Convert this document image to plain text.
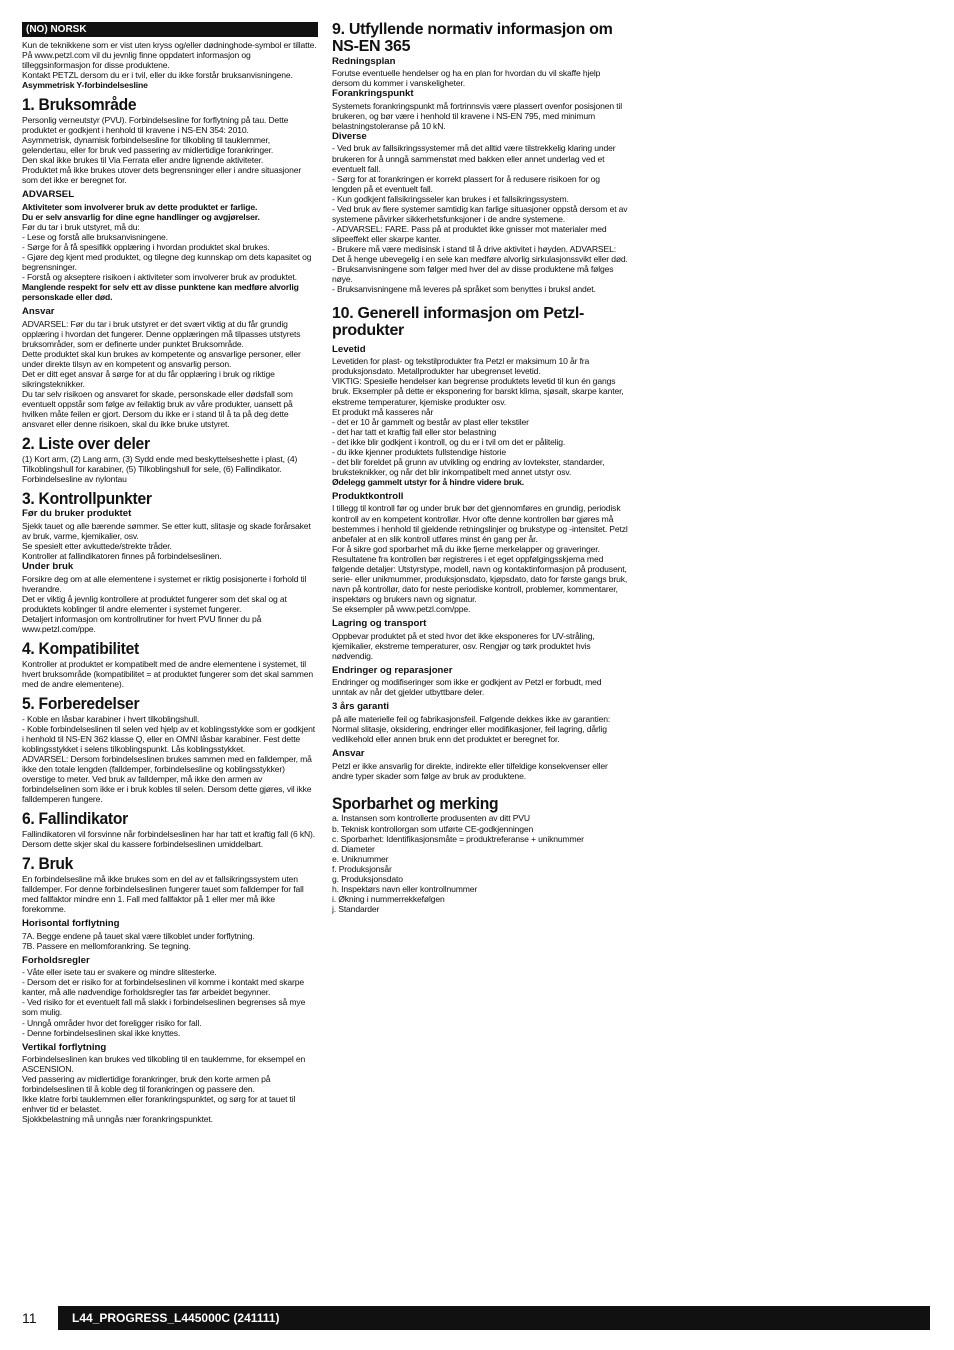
(NO) NORSK

Kun de teknikkene som er vist uten kryss og/eller dødninghode-symbol er tillatte.

På www.petzl.com vil du jevnlig finne oppdatert informasjon og tilleggsinformasjon for disse produktene.

Kontakt PETZL dersom du er i tvil, eller du ikke forstår bruksanvisningene.

Asymmetrisk Y-forbindelsesline

1. Bruksområde

Personlig verneutstyr (PVU). Forbindelsesline for forflytning på tau. Dette produktet er godkjent i henhold til kravene i NS-EN 354: 2010.
Asymmetrisk, dynamisk forbindelsesline for tilkobling til tauklemmer, gelendertau, eller for bruk ved passering av midlertidige forankringer.
Den skal ikke brukes til Via Ferrata eller andre lignende aktiviteter.
Produktet må ikke brukes utover dets begrensninger eller i andre situasjoner som det ikke er beregnet for.

ADVARSEL

Aktiviteter som involverer bruk av dette produktet er farlige.
Du er selv ansvarlig for dine egne handlinger og avgjørelser.

Før du tar i bruk utstyret, må du:
- Lese og forstå alle bruksanvisningene.
- Sørge for å få spesifikk opplæring i hvordan produktet skal brukes.
- Gjøre deg kjent med produktet, og tilegne deg kunnskap om dets kapasitet og begrensninger.
- Forstå og akseptere risikoen i aktiviteter som involverer bruk av produktet.

Manglende respekt for selv ett av disse punktene kan medføre alvorlig personskade eller død.

Ansvar

ADVARSEL: Før du tar i bruk utstyret er det svært viktig at du får grundig opplæring i hvordan det fungerer. Denne opplæringen må tilpasses utstyrets bruksområder, som er definerte under punktet Bruksområde.
Dette produktet skal kun brukes av kompetente og ansvarlige personer, eller under direkte tilsyn av en kompetent og ansvarlig person.
Det er ditt eget ansvar å sørge for at du får opplæring i bruk og riktige sikringsteknikker.
Du tar selv risikoen og ansvaret for skade, personskade eller dødsfall som eventuelt oppstår som følge av feilaktig bruk av våre produkter, uansett på hvilken måte feilen er gjort. Dersom du ikke er i stand til å ta på deg dette ansvaret eller denne risikoen, skal du ikke bruke utstyret.

2. Liste over deler

(1) Kort arm, (2) Lang arm, (3) Sydd ende med beskyttelseshette i plast, (4) Tilkoblingshull for karabiner, (5) Tilkoblingshull for sele, (6) Fallindikator. Forbindelsesline av nylontau

3. Kontrollpunkter
Før du bruker produktet

Sjekk tauet og alle bærende sømmer. Se etter kutt, slitasje og skade forårsaket av bruk, varme, kjemikalier, osv.
Se spesielt etter avkuttede/strekte tråder.
Kontroller at fallindikatoren finnes på forbindelseslinen.

Under bruk

Forsikre deg om at alle elementene i systemet er riktig posisjonerte i forhold til hverandre.
Det er viktig å jevnlig kontrollere at produktet fungerer som det skal og at produktets koblinger til andre elementer i systemet fungerer.
Detaljert informasjon om kontrollrutiner for hvert PVU finner du på www.petzl.com/ppe.

4. Kompatibilitet

Kontroller at produktet er kompatibelt med de andre elementene i systemet, til hvert bruksområde (kompatibilitet = at produktet fungerer som det skal sammen med de andre elementene).

5. Forberedelser

- Koble en låsbar karabiner i hvert tilkoblingshull.
- Koble forbindelseslinen til selen ved hjelp av et koblingsstykke som er godkjent i henhold til NS-EN 362 klasse Q, eller en OMNI låsbar karabiner. Fest dette koblingsstykket i selens tilkoblingspunkt. Lås koblingsstykket.
ADVARSEL: Dersom forbindelseslinen brukes sammen med en falldemper, må ikke den totale lengden (falldemper, forbindelsesline og koblingsstykker) overstige to meter. Ved bruk av falldemper, må ikke den armen av forbindelselinen som ikke er i bruk kobles til selen. Dersom dette gjøres, vil ikke falldemperen fungere.

6. Fallindikator

Fallindikatoren vil forsvinne når forbindelseslinen har har tatt et kraftig fall (6 kN). Dersom dette skjer skal du kassere forbindelseslinen umiddelbart.

7. Bruk

En forbindelsesline må ikke brukes som en del av et fallsikringssystem uten falldemper. For denne forbindelseslinen fungerer tauet som falldemper for fall med fallfaktor mindre enn 1. Fall med fallfaktor på 1 eller mer må ikke forekomme.

Horisontal forflytning

7A. Begge endene på tauet skal være tilkoblet under forflytning.
7B. Passere en mellomforankring. Se tegning.

Forholdsregler

- Våte eller isete tau er svakere og mindre slitesterke.
- Dersom det er risiko for at forbindelseslinen vil komme i kontakt med skarpe kanter, må alle nødvendige forholdsregler tas før arbeidet begynner.
- Ved risiko for et eventuelt fall må slakk i forbindelseslinen begrenses så mye som mulig.
- Unngå områder hvor det foreligger risiko for fall.
- Denne forbindelseslinen skal ikke knyttes.

Vertikal forflytning

Forbindelseslinen kan brukes ved tilkobling til en tauklemme, for eksempel en ASCENSION.
Ved passering av midlertidige forankringer, bruk den korte armen på forbindelseslinen til å koble deg til forankringen og passere den.
Ikke klatre forbi tauklemmen eller forankringspunktet, og sørg for at tauet til enhver tid er belastet.
Sjokkbelastning må unngås nær forankringspunktet.

9. Utfyllende normativ informasjon om NS-EN 365
Redningsplan

Forutse eventuelle hendelser og ha en plan for hvordan du vil skaffe hjelp dersom du kommer i vanskeligheter.

Forankringspunkt

Systemets forankringspunkt må fortrinnsvis være plassert ovenfor posisjonen til brukeren, og bør være i henhold til kravene i NS-EN 795, med minimum belastningstoleranse på 10 kN.

Diverse

- Ved bruk av fallsikringssystemer må det alltid være tilstrekkelig klaring under brukeren for å unngå sammenstøt med bakken eller annet underlag ved et eventuelt fall.
- Sørg for at forankringen er korrekt plassert for å redusere risikoen for og lengden på et eventuelt fall.
- Kun godkjent fallsikringsseler kan brukes i et fallsikringssystem.
- Ved bruk av flere systemer samtidig kan farlige situasjoner oppstå dersom et av systemene påvirker sikkerhetsfunksjoner i de andre systemene.
- ADVARSEL: FARE. Pass på at produktet ikke gnisser mot materialer med slipeeffekt eller skarpe kanter.
- Brukere må være medisinsk i stand til å drive aktivitet i høyden. ADVARSEL: Det å henge ubevegelig i en sele kan medføre alvorlig sirkulasjonssvikt eller død.
- Bruksanvisningene som følger med hver del av disse produktene må følges nøye.
- Bruksanvisningene må leveres på språket som benyttes i bruksl andet.

10. Generell informasjon om Petzl-produkter
Levetid

Levetiden for plast- og tekstilprodukter fra Petzl er maksimum 10 år fra produksjonsdato. Metallprodukter har ubegrenset levetid.
VIKTIG: Spesielle hendelser kan begrense produktets levetid til kun én gangs bruk. Eksempler på dette er eksponering for barskt klima, sjøsalt, skarpe kanter, ekstreme temperaturer, kjemiske produkter osv.
Et produkt må kasseres når
- det er 10 år gammelt og består av plast eller tekstiler
- det har tatt et kraftig fall eller stor belastning
- det ikke blir godkjent i kontroll, og du er i tvil om det er pålitelig.
- du ikke kjenner produktets fullstendige historie
- det blir foreldet på grunn av utvikling og endring av lovtekster, standarder, bruksteknikker, og når det blir inkompatibelt med annet utstyr osv.

Ødelegg gammelt utstyr for å hindre videre bruk.

Produktkontroll

I tillegg til kontroll før og under bruk bør det gjennomføres en grundig, periodisk kontroll av en kompetent kontrollør. Hvor ofte denne kontrollen bør gjøres må bestemmes i henhold til gjeldende retningslinjer og brukstype og -intensitet. Petzl anbefaler at en slik kontroll utføres minst én gang per år.
For å sikre god sporbarhet må du ikke fjerne merkelapper og graveringer.
Resultatene fra kontrollen bør registreres i et eget oppfølgingsskjema med følgende detaljer: Utstyrstype, modell, navn og kontaktinformasjon på produsent, serie- eller unikmummer, produksjonsdato, kjøpsdato, dato for første gangs bruk, navn på kontrollør, dato for neste periodiske kontroll, problemer, kommentarer, inspektørs og brukers navn og signatur.
Se eksempler på www.petzl.com/ppe.

Lagring og transport

Oppbevar produktet på et sted hvor det ikke eksponeres for UV-stråling, kjemikalier, ekstreme temperaturer, osv. Rengjør og tørk produktet hvis nødvendig.

Endringer og reparasjoner

Endringer og modifiseringer som ikke er godkjent av Petzl er forbudt, med unntak av når det gjelder utbyttbare deler.

3 års garanti

på alle materielle feil og fabrikasjonsfeil. Følgende dekkes ikke av garantien: Normal slitasje, oksidering, endringer eller modifikasjoner, feil lagring, dårlig vedlikehold eller annen bruk enn det produktet er beregnet for.

Ansvar

Petzl er ikke ansvarlig for direkte, indirekte eller tilfeldige konsekvenser eller andre typer skader som følge av bruk av produktene.

Sporbarhet og merking

a. Instansen som kontrollerte produsenten av ditt PVU
b. Teknisk kontrollorgan som utførte CE-godkjenningen
c. Sporbarhet: Identifikasjonsmåte = produktreferanse + uniknummer
d. Diameter
e. Uniknummer
f. Produksjonsår
g. Produksjonsdato
h. Inspektørs navn eller kontrollnummer
i. Økning i nummerrekkefølgen
j. Standarder

11	L44_PROGRESS_L445000C (241111)
